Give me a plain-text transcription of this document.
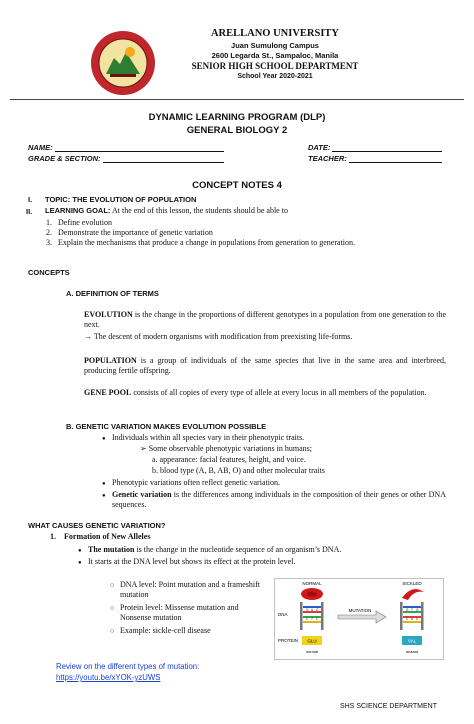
ARELLANO UNIVERSITY
Juan Sumulong Campus
2600 Legarda St., Sampaloc, Manila
SENIOR HIGH SCHOOL DEPARTMENT
School Year 2020-2021
DYNAMIC LEARNING PROGRAM (DLP)
GENERAL BIOLOGY 2
NAME:
GRADE & SECTION:
DATE:
TEACHER:
CONCEPT NOTES 4
I. TOPIC: THE EVOLUTION OF POPULATION
II. LEARNING GOAL: At the end of this lesson, the students should be able to
1. Define evolution
2. Demonstrate the importance of genetic variation
3. Explain the mechanisms that produce a change in populations from generation to generation.
CONCEPTS
A. DEFINITION OF TERMS
EVOLUTION is the change in the proportions of different genotypes in a population from one generation to the next.
→ The descent of modern organisms with modification from preexisting life-forms.
POPULATION is a group of individuals of the same species that live in the same area and interbreed, producing fertile offspring.
GENE POOL consists of all copies of every type of allele at every locus in all members of the population.
B. GENETIC VARIATION MAKES EVOLUTION POSSIBLE
● Individuals within all species vary in their phenotypic traits.
➢ Some observable phenotypic variations in humans;
a. appearance: facial features, height, and voice.
b. blood type (A, B, AB, O) and other molecular traits
● Phenotypic variations often reflect genetic variation.
● Genetic variation is the differences among individuals in the composition of their genes or other DNA sequences.
WHAT CAUSES GENETIC VARIATION?
1. Formation of New Alleles
● The mutation is the change in the nucleotide sequence of an organism’s DNA.
● It starts at the DNA level but shows its effect at the protein level.
○ DNA level: Point mutation and a frameshift mutation
○ Protein level: Missense mutation and Nonsense mutation
○ Example: sickle-cell disease
NORMAL	SICKLED
DNA
G A G
C T C
MUTATION	G T G
C A C
PROTEIN GLU
normal
VAL
mutant
Review on the different types of mutation:
https://youtu.be/xYOK-yzUWS
SHS SCIENCE DEPARTMENT
